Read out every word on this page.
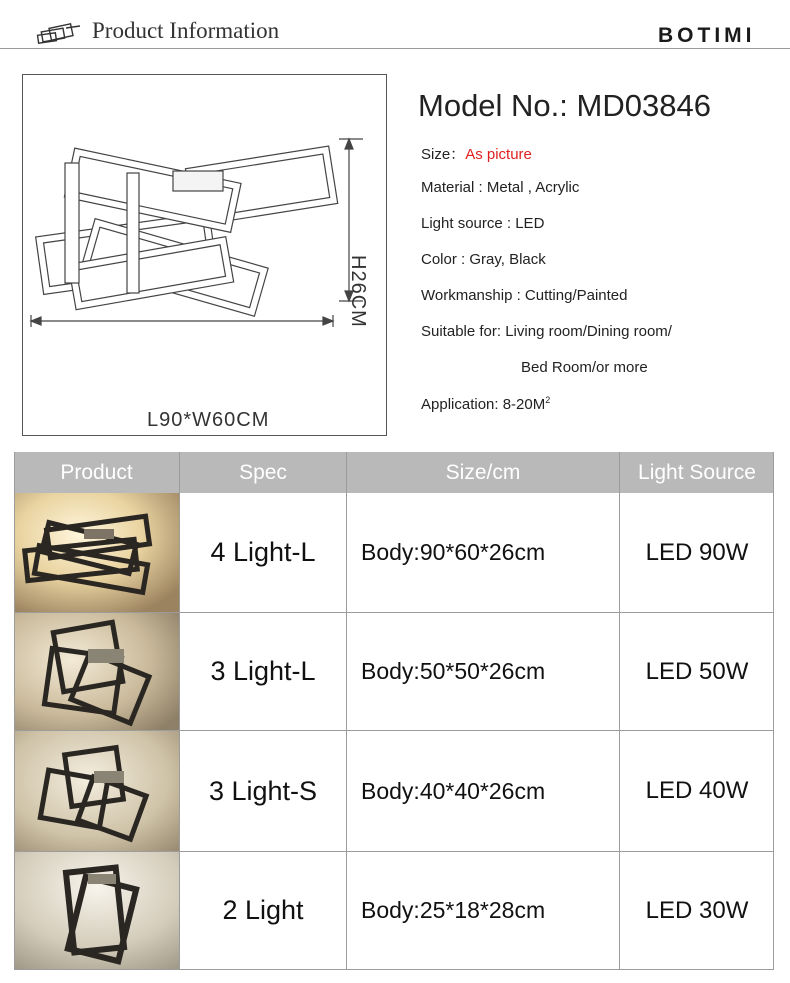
Product Information	BOTIMI
H26CM
L90*W60CM
Model No.: MD03846
Size：As picture
Material : Metal , Acrylic
Light source : LED
Color : Gray, Black
Workmanship : Cutting/Painted
Suitable for: Living room/Dining room/
Bed Room/or more
Application: $8-20M^2$
Product	Spec	Size/cm	Light Source
4 Light-L	Body:90*60*26cm	LED 90W
3 Light-L	Body:50*50*26cm	LED 50W
3 Light-S	Body:40*40*26cm	LED 40W
2 Light	Body:25*18*28cm	LED 30W
